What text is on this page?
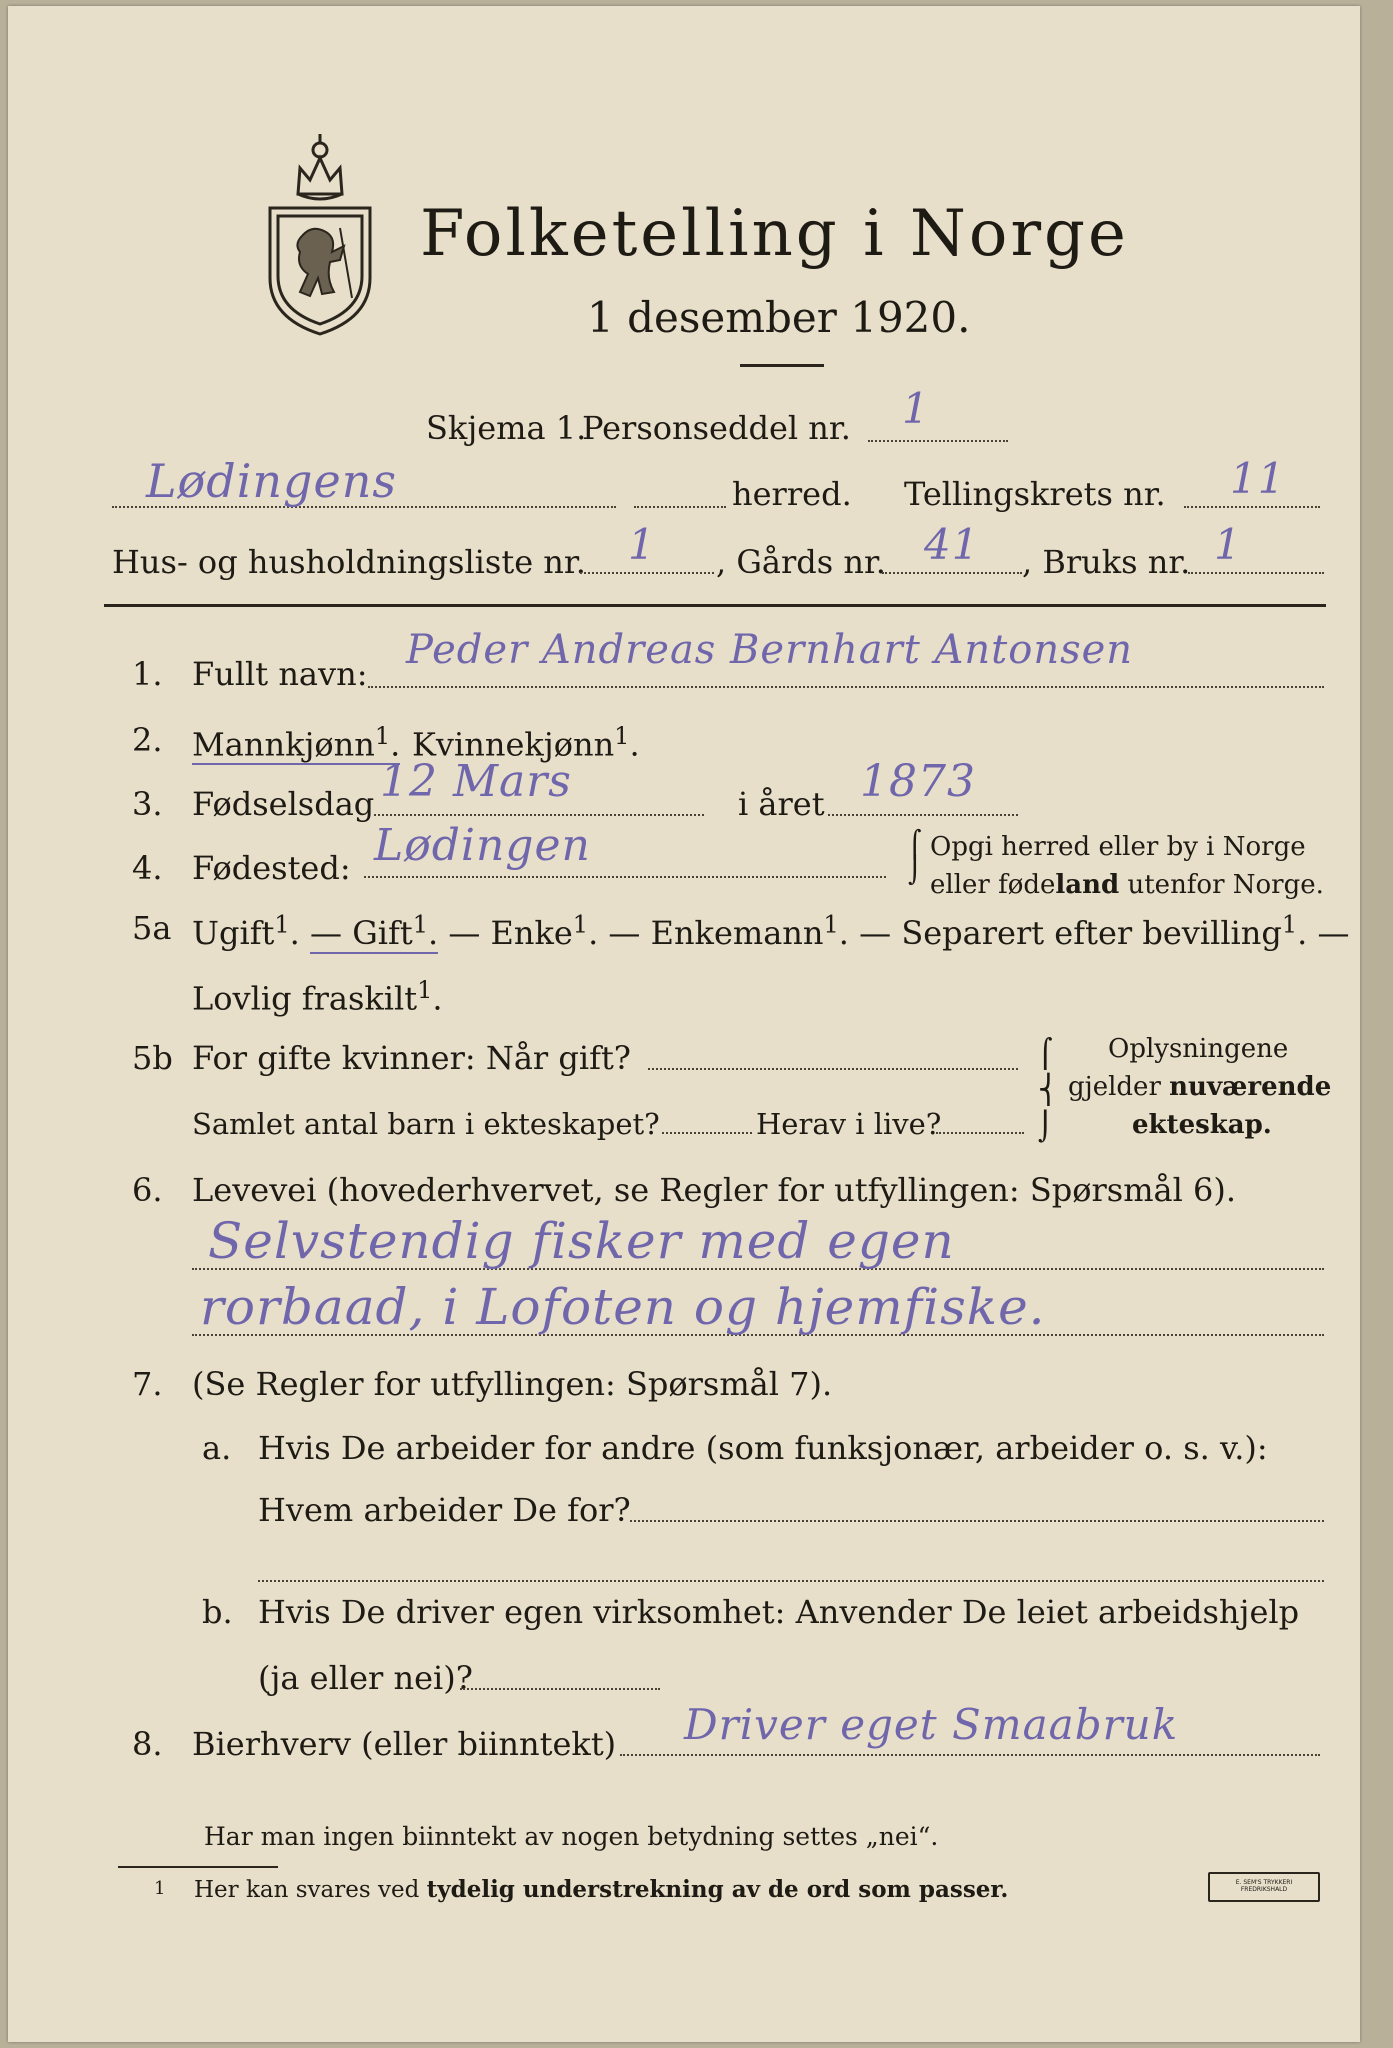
Folketelling i Norge
1 desember 1920.
Skjema 1.
Personseddel nr. 1
Lødingens	herred. Tellingskrets nr. 11
Hus- og husholdningsliste nr. 1 , Gårds nr. 41 , Bruks nr. 1
1. Fullt navn:
Peder Andreas Bernhart Antonsen
2. Mannkjønn$^1$. Kvinnekjønn$^1$.
3. Fødselsdag 12 Mars	i året 1873
4. Fødested: Lødingen	⌠
⌡
Opgi herred eller by i Norge
eller fødeland utenfor Norge.
5a Ugift$^1$. — Gift$^1$. — Enke$^1$. — Enkemann$^1$. — Separert efter bevilling$^1$. —
Lovlig fraskilt$^1$.
5b For gifte kvinner: Når gift?
Samlet antal barn i ekteskapet?	Herav i live?
⌠
⎨
⌡
Oplysningene
gjelder nuværende
ekteskap.
6. Levevei (hovederhvervet, se Regler for utfyllingen: Spørsmål 6).
Selvstendig fisker med egen
rorbaad, i Lofoten og hjemfiske.
7. (Se Regler for utfyllingen: Spørsmål 7).
a. Hvis De arbeider for andre (som funksjonær, arbeider o. s. v.):
Hvem arbeider De for?
b. Hvis De driver egen virksomhet: Anvender De leiet arbeidshjelp
(ja eller nei)?
8. Bierhverv (eller biinntekt) Driver eget Smaabruk
Har man ingen biinntekt av nogen betydning settes „nei“.
1 Her kan svares ved tydelig understrekning av de ord som passer.	E. SEM'S TRYKKERI FREDRIKSHALD
